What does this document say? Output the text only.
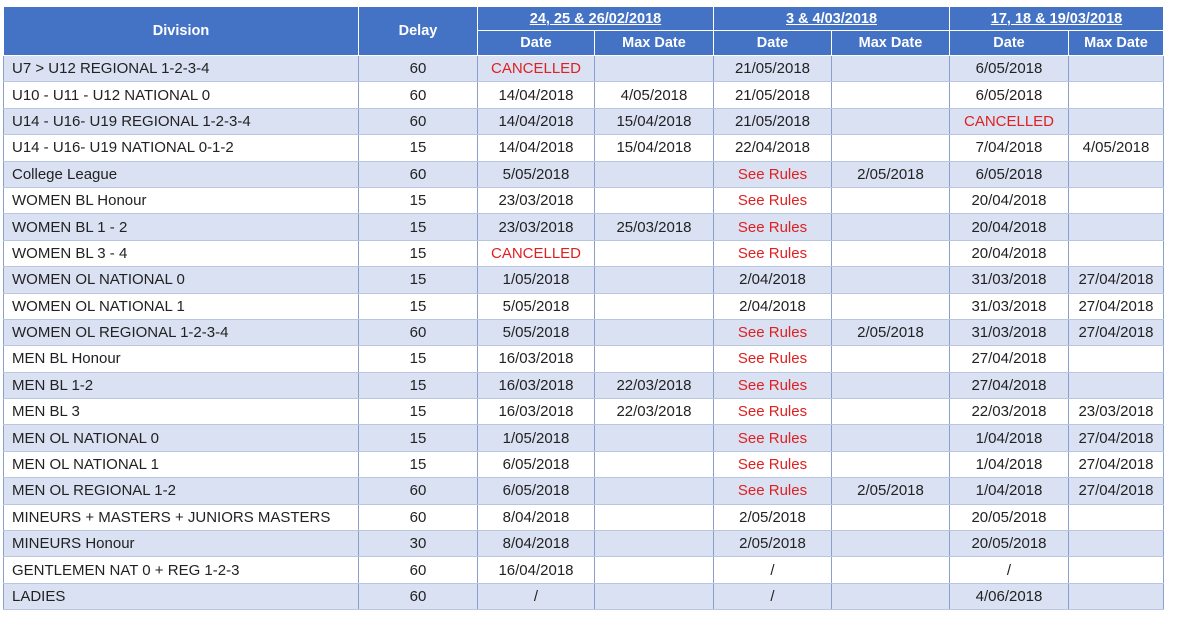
Division	Delay	24, 25 & 26/02/2018		3 & 4/03/2018		17, 18 & 19/03/2018	
		Date	Max Date	Date	Max Date	Date	Max Date
U7 > U12 REGIONAL 1-2-3-4	60	CANCELLED		21/05/2018		6/05/2018	
U10 - U11 - U12 NATIONAL 0	60	14/04/2018	4/05/2018	21/05/2018		6/05/2018	
U14 - U16- U19 REGIONAL 1-2-3-4	60	14/04/2018	15/04/2018	21/05/2018		CANCELLED	
U14 - U16- U19 NATIONAL 0-1-2	15	14/04/2018	15/04/2018	22/04/2018		7/04/2018	4/05/2018
College League	60	5/05/2018		See Rules	2/05/2018	6/05/2018	
WOMEN BL Honour	15	23/03/2018		See Rules		20/04/2018	
WOMEN BL 1 - 2	15	23/03/2018	25/03/2018	See Rules		20/04/2018	
WOMEN BL 3 - 4	15	CANCELLED		See Rules		20/04/2018	
WOMEN OL NATIONAL 0	15	1/05/2018		2/04/2018		31/03/2018	27/04/2018
WOMEN OL NATIONAL 1	15	5/05/2018		2/04/2018		31/03/2018	27/04/2018
WOMEN OL REGIONAL 1-2-3-4	60	5/05/2018		See Rules	2/05/2018	31/03/2018	27/04/2018
MEN BL Honour	15	16/03/2018		See Rules		27/04/2018	
MEN BL 1-2	15	16/03/2018	22/03/2018	See Rules		27/04/2018	
MEN BL 3	15	16/03/2018	22/03/2018	See Rules		22/03/2018	23/03/2018
MEN OL NATIONAL 0	15	1/05/2018		See Rules		1/04/2018	27/04/2018
MEN OL NATIONAL 1	15	6/05/2018		See Rules		1/04/2018	27/04/2018
MEN OL REGIONAL 1-2	60	6/05/2018		See Rules	2/05/2018	1/04/2018	27/04/2018
MINEURS + MASTERS + JUNIORS MASTERS	60	8/04/2018		2/05/2018		20/05/2018	
MINEURS Honour	30	8/04/2018		2/05/2018		20/05/2018	
GENTLEMEN NAT 0 + REG 1-2-3	60	16/04/2018		/		/	
LADIES	60	/		/		4/06/2018	
